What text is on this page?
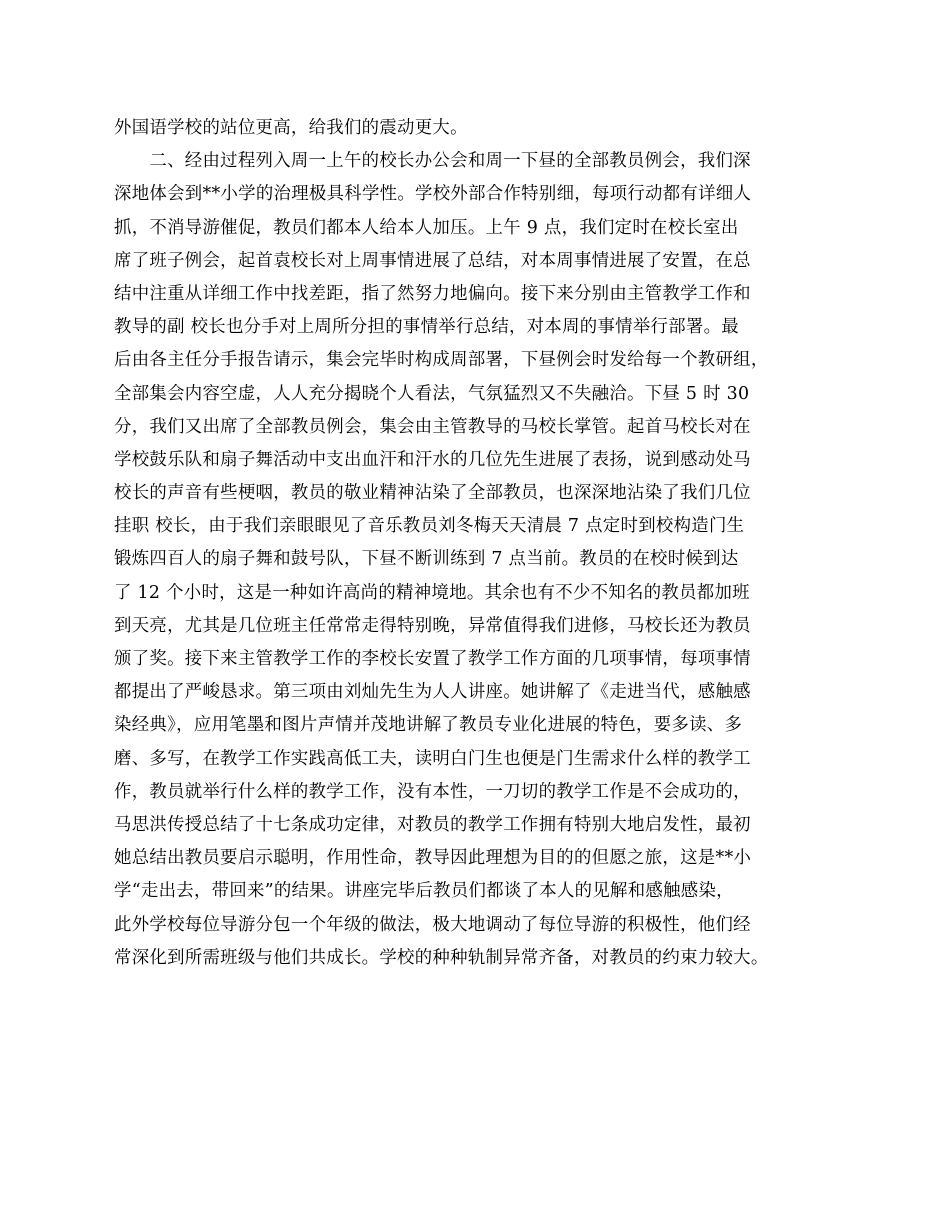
外国语学校的站位更高，给我们的震动更大。
　　二、经由过程列入周一上午的校长办公会和周一下昼的全部教员例会，我们深
深地体会到**小学的治理极具科学性。学校外部合作特别细，每项行动都有详细人
抓，不消导游催促，教员们都本人给本人加压。上午 9 点，我们定时在校长室出
席了班子例会，起首袁校长对上周事情进展了总结，对本周事情进展了安置，在总
结中注重从详细工作中找差距，指了然努力地偏向。接下来分别由主管教学工作和
教导的副 校长也分手对上周所分担的事情举行总结，对本周的事情举行部署。最
后由各主任分手报告请示，集会完毕时构成周部署，下昼例会时发给每一个教研组，
全部集会内容空虚，人人充分揭晓个人看法，气氛猛烈又不失融洽。下昼 5 时 30
分，我们又出席了全部教员例会，集会由主管教导的马校长掌管。起首马校长对在
学校鼓乐队和扇子舞活动中支出血汗和汗水的几位先生进展了表扬，说到感动处马
校长的声音有些梗咽，教员的敬业精神沾染了全部教员，也深深地沾染了我们几位
挂职 校长，由于我们亲眼眼见了音乐教员刘冬梅天天清晨 7 点定时到校构造门生
锻炼四百人的扇子舞和鼓号队，下昼不断训练到 7 点当前。教员的在校时候到达
了 12 个小时，这是一种如许高尚的精神境地。其余也有不少不知名的教员都加班
到天亮，尤其是几位班主任常常走得特别晚，异常值得我们进修，马校长还为教员
颁了奖。接下来主管教学工作的李校长安置了教学工作方面的几项事情，每项事情
都提出了严峻恳求。第三项由刘灿先生为人人讲座。她讲解了《走进当代，感触感
染经典》，应用笔墨和图片声情并茂地讲解了教员专业化进展的特色，要多读、多
磨、多写，在教学工作实践高低工夫，读明白门生也便是门生需求什么样的教学工
作，教员就举行什么样的教学工作，没有本性，一刀切的教学工作是不会成功的，
马思洪传授总结了十七条成功定律，对教员的教学工作拥有特别大地启发性，最初
她总结出教员要启示聪明，作用性命，教导因此理想为目的的但愿之旅，这是**小
学“走出去，带回来”的结果。讲座完毕后教员们都谈了本人的见解和感触感染，
此外学校每位导游分包一个年级的做法，极大地调动了每位导游的积极性，他们经
常深化到所需班级与他们共成长。学校的种种轨制异常齐备，对教员的约束力较大。
